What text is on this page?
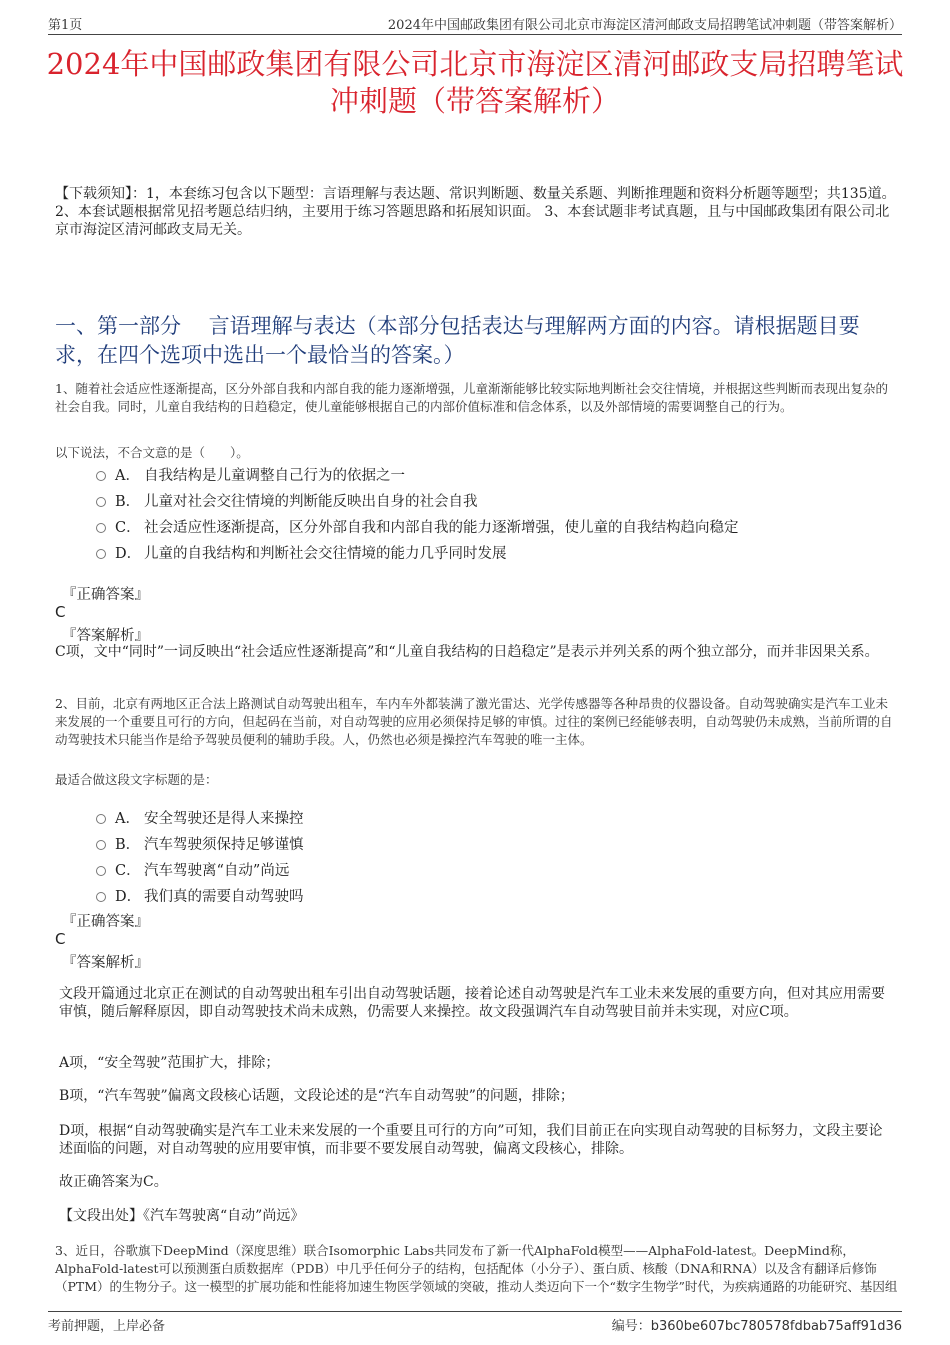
第1页	2024年中国邮政集团有限公司北京市海淀区清河邮政支局招聘笔试冲刺题（带答案解析）
2024年中国邮政集团有限公司北京市海淀区清河邮政支局招聘笔试冲刺题（带答案解析）

【下载须知】：1，本套练习包含以下题型：言语理解与表达题、常识判断题、数量关系题、判断推理题和资料分析题等题型；共135道。 2、本套试题根据常见招考题总结归纳，主要用于练习答题思路和拓展知识面。 3、本套试题非考试真题，且与中国邮政集团有限公司北京市海淀区清河邮政支局无关。

一、第一部分　 言语理解与表达（本部分包括表达与理解两方面的内容。请根据题目要求，在四个选项中选出一个最恰当的答案。）

1、随着社会适应性逐渐提高，区分外部自我和内部自我的能力逐渐增强，儿童渐渐能够比较实际地判断社会交往情境，并根据这些判断而表现出复杂的社会自我。同时，儿童自我结构的日趋稳定，使儿童能够根据自己的内部价值标准和信念体系，以及外部情境的需要调整自己的行为。

以下说法，不合文意的是（　　）。

A． 自我结构是儿童调整自己行为的依据之一
B． 儿童对社会交往情境的判断能反映出自身的社会自我
C． 社会适应性逐渐提高，区分外部自我和内部自我的能力逐渐增强，使儿童的自我结构趋向稳定
D． 儿童的自我结构和判断社会交往情境的能力几乎同时发展

『正确答案』

C

『答案解析』

C项，文中“同时”一词反映出“社会适应性逐渐提高”和“儿童自我结构的日趋稳定”是表示并列关系的两个独立部分，而并非因果关系。

2、目前，北京有两地区正合法上路测试自动驾驶出租车，车内车外都装满了激光雷达、光学传感器等各种昂贵的仪器设备。自动驾驶确实是汽车工业未来发展的一个重要且可行的方向，但起码在当前，对自动驾驶的应用必须保持足够的审慎。过往的案例已经能够表明，自动驾驶仍未成熟，当前所谓的自动驾驶技术只能当作是给予驾驶员便利的辅助手段。人，仍然也必须是操控汽车驾驶的唯一主体。

最适合做这段文字标题的是：

A． 安全驾驶还是得人来操控
B． 汽车驾驶须保持足够谨慎
C． 汽车驾驶离“自动”尚远
D． 我们真的需要自动驾驶吗

『正确答案』

C

『答案解析』

文段开篇通过北京正在测试的自动驾驶出租车引出自动驾驶话题，接着论述自动驾驶是汽车工业未来发展的重要方向，但对其应用需要审慎，随后解释原因，即自动驾驶技术尚未成熟，仍需要人来操控。故文段强调汽车自动驾驶目前并未实现，对应C项。

A项，“安全驾驶”范围扩大，排除；

B项，“汽车驾驶”偏离文段核心话题，文段论述的是“汽车自动驾驶”的问题，排除；

D项，根据“自动驾驶确实是汽车工业未来发展的一个重要且可行的方向”可知，我们目前正在向实现自动驾驶的目标努力，文段主要论述面临的问题，对自动驾驶的应用要审慎，而非要不要发展自动驾驶，偏离文段核心，排除。

故正确答案为C。

【文段出处】《汽车驾驶离“自动”尚远》

3、近日，谷歌旗下DeepMind（深度思维）联合Isomorphic Labs共同发布了新一代AlphaFold模型——AlphaFold-latest。DeepMind称，AlphaFold-latest可以预测蛋白质数据库（PDB）中几乎任何分子的结构，包括配体（小分子）、蛋白质、核酸（DNA和RNA）以及含有翻译后修饰（PTM）的生物分子。这一模型的扩展功能和性能将加速生物医学领域的突破，推动人类迈向下一个“数字生物学”时代，为疾病通路的功能研究、基因组

考前押题，上岸必备	编号：b360be607bc780578fdbab75aff91d36
